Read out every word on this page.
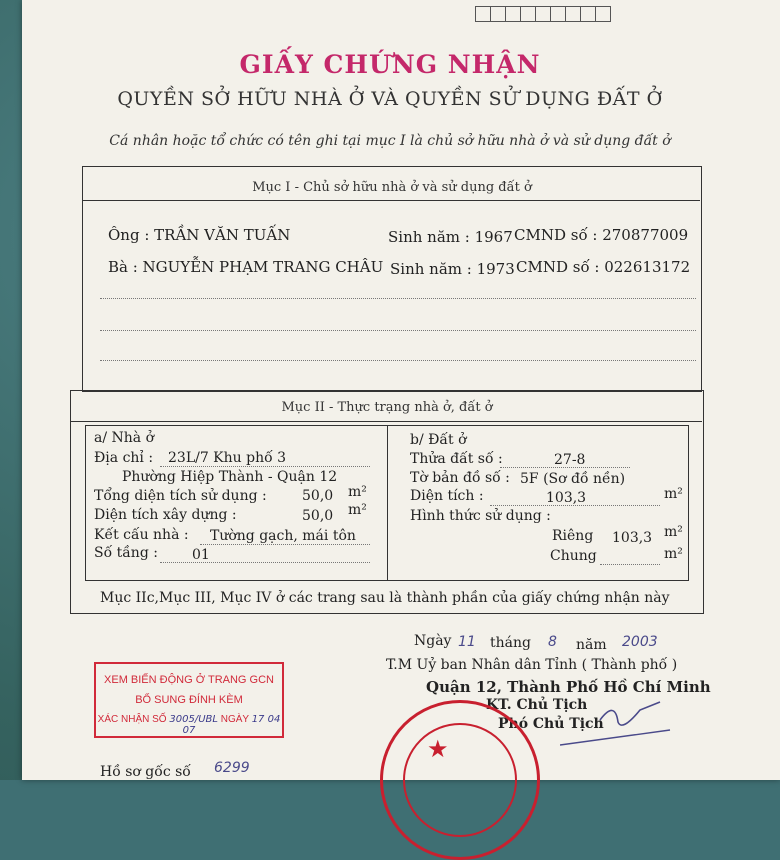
GIẤY CHỨNG NHẬN
QUYỀN SỞ HỮU NHÀ Ở VÀ QUYỀN SỬ DỤNG ĐẤT Ở
Cá nhân hoặc tổ chức có tên ghi tại mục I là chủ sở hữu nhà ở và sử dụng đất ở
Mục I - Chủ sở hữu nhà ở và sử dụng đất ở
Ông : TRẦN VĂN TUẤN	Sinh năm : 1967 CMND số : 270877009
Bà : NGUYỄN PHẠM TRANG CHÂU Sinh năm : 1973 CMND số : 022613172
Mục II - Thực trạng nhà ở, đất ở
a/ Nhà ở
Địa chỉ : 23L/7 Khu phố 3
Phường Hiệp Thành - Quận 12
Tổng diện tích sử dụng :	50,0 m²
Diện tích xây dựng :	50,0 m²
Kết cấu nhà : Tường gạch, mái tôn
Số tầng : 01
b/ Đất ở
Thửa đất số :	27-8
Tờ bản đồ số : 5F (Sơ đồ nền)
Diện tích :	103,3	m²
Hình thức sử dụng :
Riêng 103,3 m²
Chung	m²
Mục IIc,Mục III, Mục IV ở các trang sau là thành phần của giấy chứng nhận này
Ngày 11 tháng 8 năm 2003
T.M Uỷ ban Nhân dân Tỉnh ( Thành phố )
Quận 12, Thành Phố Hồ Chí Minh
KT. Chủ Tịch
Phó Chủ Tịch
XEM BIẾN ĐỘNG Ở TRANG GCN
BỔ SUNG ĐÍNH KÈM
XÁC NHẬN SỐ 3005/UBL NGÀY 17 04 07
★
Hồ sơ gốc số 6299
